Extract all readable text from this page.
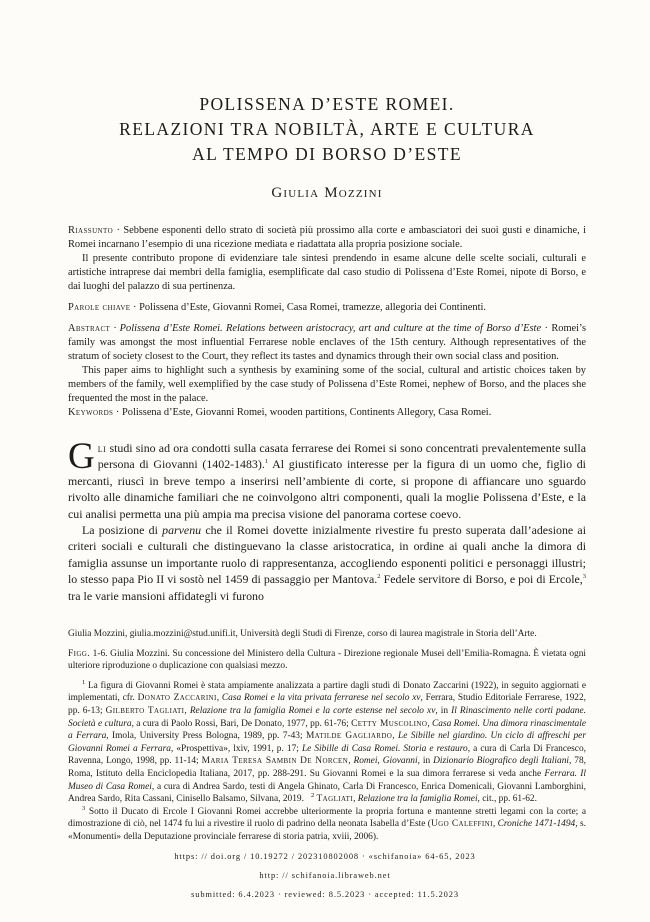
POLISSENA D’ESTE ROMEI.
RELAZIONI TRA NOBILTÀ, ARTE E CULTURA
AL TEMPO DI BORSO D’ESTE

Giulia Mozzini

Riassunto · Sebbene esponenti dello strato di società più prossimo alla corte e ambasciatori dei suoi gusti e dinamiche, i Romei incarnano l’esempio di una ricezione mediata e riadattata alla propria posizione sociale.

Il presente contributo propone di evidenziare tale sintesi prendendo in esame alcune delle scelte sociali, culturali e artistiche intraprese dai membri della famiglia, esemplificate dal caso studio di Polissena d’Este Romei, nipote di Borso, e dai luoghi del palazzo di sua pertinenza.

Parole chiave · Polissena d’Este, Giovanni Romei, Casa Romei, tramezze, allegoria dei Continenti.

Abstract · Polissena d’Este Romei. Relations between aristocracy, art and culture at the time of Borso d’Este · Romei’s family was amongst the most influential Ferrarese noble enclaves of the 15th century. Although representatives of the stratum of society closest to the Court, they reflect its tastes and dynamics through their own social class and position.

This paper aims to highlight such a synthesis by examining some of the social, cultural and artistic choices taken by members of the family, well exemplified by the case study of Polissena d’Este Romei, nephew of Borso, and the places she frequented the most in the palace.

Keywords · Polissena d’Este, Giovanni Romei, wooden partitions, Continents Allegory, Casa Romei.

Gli studi sino ad ora condotti sulla casata ferrarese dei Romei si sono concentrati prevalentemente sulla persona di Giovanni (1402-1483).$^1$ Al giustificato interesse per la figura di un uomo che, figlio di mercanti, riuscì in breve tempo a inserirsi nell’ambiente di corte, si propone di affiancare uno sguardo rivolto alle dinamiche familiari che ne coinvolgono altri componenti, quali la moglie Polissena d’Este, e la cui analisi permetta una più ampia ma precisa visione del panorama cortese coevo.

La posizione di parvenu che il Romei dovette inizialmente rivestire fu presto superata dall’adesione ai criteri sociali e culturali che distinguevano la classe aristocratica, in ordine ai quali anche la dimora di famiglia assunse un importante ruolo di rappresentanza, accogliendo esponenti politici e personaggi illustri; lo stesso papa Pio II vi sostò nel 1459 di passaggio per Mantova.$^2$ Fedele servitore di Borso, e poi di Ercole,$^3$ tra le varie mansioni affidategli vi furono

Giulia Mozzini, giulia.mozzini@stud.unifi.it, Università degli Studi di Firenze, corso di laurea magistrale in Storia dell’Arte.

Figg. 1-6. Giulia Mozzini. Su concessione del Ministero della Cultura - Direzione regionale Musei dell’Emilia-Romagna. È vietata ogni ulteriore riproduzione o duplicazione con qualsiasi mezzo.

$^1$ La figura di Giovanni Romei è stata ampiamente analizzata a partire dagli studi di Donato Zaccarini (1922), in seguito aggiornati e implementati, cfr. Donato Zaccarini, Casa Romei e la vita privata ferrarese nel secolo xv, Ferrara, Studio Editoriale Ferrarese, 1922, pp. 6-13; Gilberto Tagliati, Relazione tra la famiglia Romei e la corte estense nel secolo xv, in Il Rinascimento nelle corti padane. Società e cultura, a cura di Paolo Rossi, Bari, De Donato, 1977, pp. 61-76; Cetty Muscolino, Casa Romei. Una dimora rinascimentale a Ferrara, Imola, University Press Bologna, 1989, pp. 7-43; Matilde Gagliardo, Le Sibille nel giardino. Un ciclo di affreschi per Giovanni Romei a Ferrara, «Prospettiva», lxiv, 1991, p. 17; Le Sibille di Casa Romei. Storia e restauro, a cura di Carla Di Francesco, Ravenna, Longo, 1998, pp. 11-14; Maria Teresa Sambin De Norcen, Romei, Giovanni, in Dizionario Biografico degli Italiani, 78, Roma, Istituto della Enciclopedia Italiana, 2017, pp. 288-291. Su Giovanni Romei e la sua dimora ferrarese si veda anche Ferrara. Il Museo di Casa Romei, a cura di Andrea Sardo, testi di Angela Ghinato, Carla Di Francesco, Enrica Domenicali, Giovanni Lamborghini, Andrea Sardo, Rita Cassani, Cinisello Balsamo, Silvana, 2019. $^2$ Tagliati, Relazione tra la famiglia Romei, cit., pp. 61-62.

$^3$ Sotto il Ducato di Ercole I Giovanni Romei accrebbe ulteriormente la propria fortuna e mantenne stretti legami con la corte; a dimostrazione di ciò, nel 1474 fu lui a rivestire il ruolo di padrino della neonata Isabella d’Este (Ugo Caleffini, Croniche 1471-1494, s. «Monumenti» della Deputazione provinciale ferrarese di storia patria, xviii, 2006).

https: // doi.org / 10.19272 / 202310802008 · «schifanoia» 64-65, 2023
http: // schifanoia.libraweb.net
submitted: 6.4.2023 · reviewed: 8.5.2023 · accepted: 11.5.2023
